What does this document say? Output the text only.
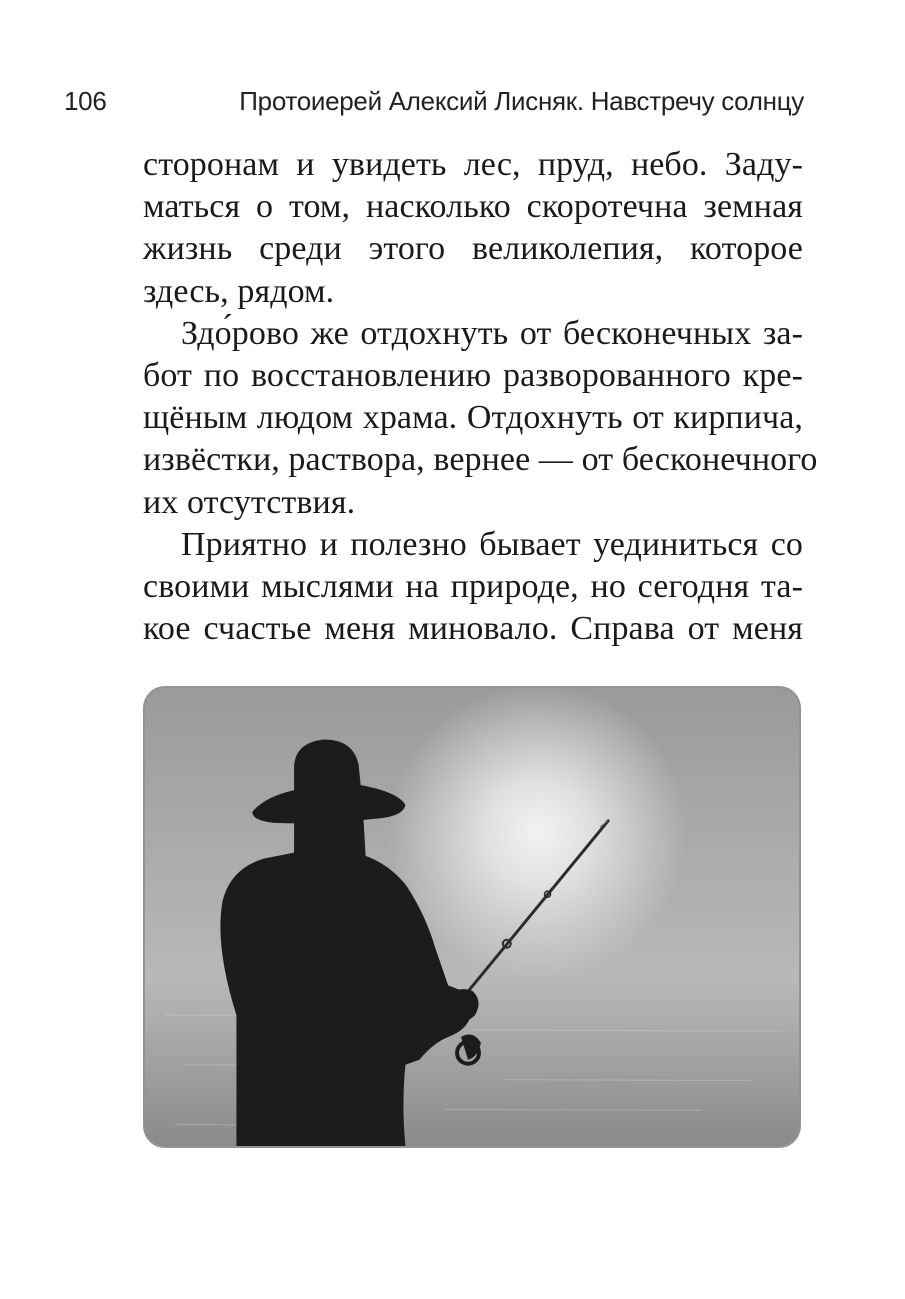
106	Протоиерей Алексий Лисняк. Навстречу солнцу

сторонам и увидеть лес, пруд, небо. Заду-
маться о том, насколько скоротечна земная
жизнь среди этого великолепия, которое
здесь, рядом.

Здо́рово же отдохнуть от бесконечных за-
бот по восстановлению разворованного кре-
щёным людом храма. Отдохнуть от кирпича,
извёстки, раствора, вернее — от бесконечного
их отсутствия.

Приятно и полезно бывает уединиться со
своими мыслями на природе, но сегодня та-
кое счастье меня миновало. Справа от меня
